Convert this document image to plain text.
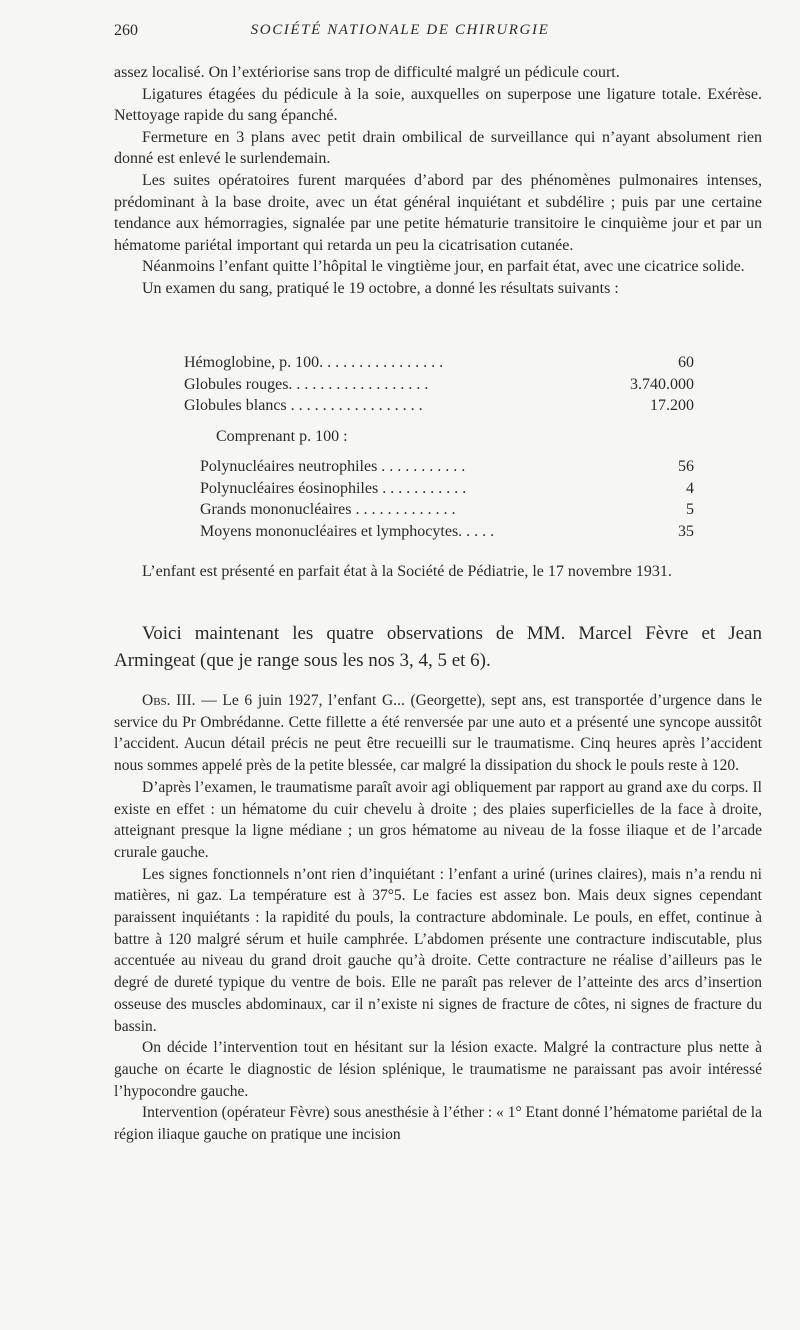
260	SOCIÉTÉ NATIONALE DE CHIRURGIE

assez localisé. On l’extériorise sans trop de difficulté malgré un pédicule court.

Ligatures étagées du pédicule à la soie, auxquelles on superpose une ligature totale. Exérèse. Nettoyage rapide du sang épanché.

Fermeture en 3 plans avec petit drain ombilical de surveillance qui n’ayant absolument rien donné est enlevé le surlendemain.

Les suites opératoires furent marquées d’abord par des phénomènes pulmonaires intenses, prédominant à la base droite, avec un état général inquiétant et subdélire ; puis par une certaine tendance aux hémorragies, signalée par une petite hématurie transitoire le cinquième jour et par un hématome pariétal important qui retarda un peu la cicatrisation cutanée.

Néanmoins l’enfant quitte l’hôpital le vingtième jour, en parfait état, avec une cicatrice solide.

Un examen du sang, pratiqué le 19 octobre, a donné les résultats suivants :

Hémoglobine, p. 100. . . . . . . . . . . . . . . .	60
Globules rouges. . . . . . . . . . . . . . . . . .	3.740.000
Globules blancs . . . . . . . . . . . . . . . . .	17.200
Comprenant p. 100 :
Polynucléaires neutrophiles . . . . . . . . . . .	56
Polynucléaires éosinophiles . . . . . . . . . . .	4
Grands mononucléaires . . . . . . . . . . . . .	5
Moyens mononucléaires et lymphocytes. . . . .	35

L’enfant est présenté en parfait état à la Société de Pédiatrie, le 17 novembre 1931.

Voici maintenant les quatre observations de MM. Marcel Fèvre et Jean Armingeat (que je range sous les nos 3, 4, 5 et 6).

Obs. III. — Le 6 juin 1927, l’enfant G... (Georgette), sept ans, est transportée d’urgence dans le service du Pr Ombrédanne. Cette fillette a été renversée par une auto et a présenté une syncope aussitôt l’accident. Aucun détail précis ne peut être recueilli sur le traumatisme. Cinq heures après l’accident nous sommes appelé près de la petite blessée, car malgré la dissipation du shock le pouls reste à 120.

D’après l’examen, le traumatisme paraît avoir agi obliquement par rapport au grand axe du corps. Il existe en effet : un hématome du cuir chevelu à droite ; des plaies superficielles de la face à droite, atteignant presque la ligne médiane ; un gros hématome au niveau de la fosse iliaque et de l’arcade crurale gauche.

Les signes fonctionnels n’ont rien d’inquiétant : l’enfant a uriné (urines claires), mais n’a rendu ni matières, ni gaz. La température est à 37°5. Le facies est assez bon. Mais deux signes cependant paraissent inquiétants : la rapidité du pouls, la contracture abdominale. Le pouls, en effet, continue à battre à 120 malgré sérum et huile camphrée. L’abdomen présente une contracture indiscutable, plus accentuée au niveau du grand droit gauche qu’à droite. Cette contracture ne réalise d’ailleurs pas le degré de dureté typique du ventre de bois. Elle ne paraît pas relever de l’atteinte des arcs d’insertion osseuse des muscles abdominaux, car il n’existe ni signes de fracture de côtes, ni signes de fracture du bassin.

On décide l’intervention tout en hésitant sur la lésion exacte. Malgré la contracture plus nette à gauche on écarte le diagnostic de lésion splénique, le traumatisme ne paraissant pas avoir intéressé l’hypocondre gauche.

Intervention (opérateur Fèvre) sous anesthésie à l’éther : « 1° Etant donné l’hématome pariétal de la région iliaque gauche on pratique une incision
